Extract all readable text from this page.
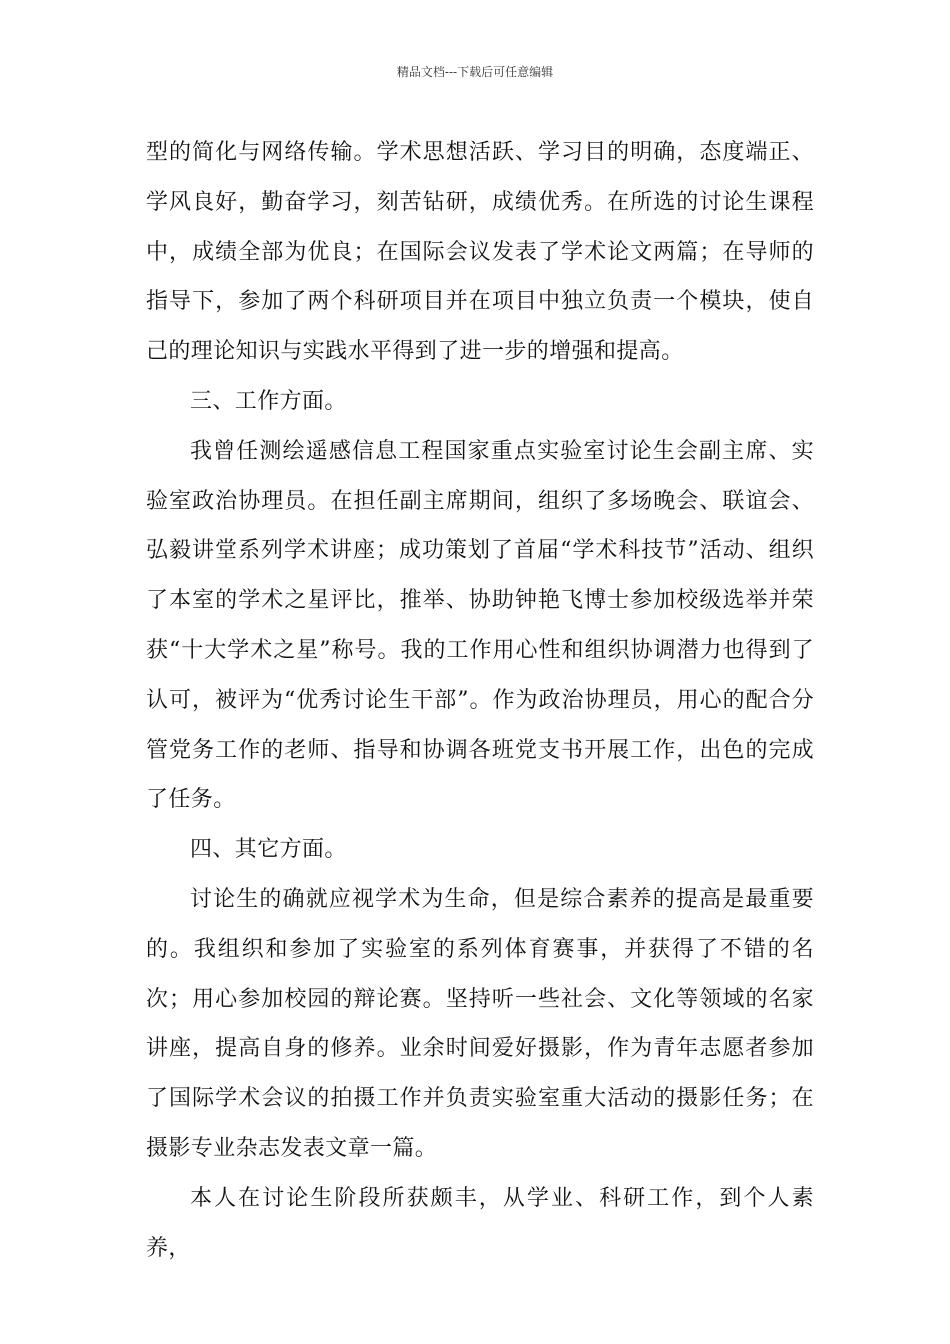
精品文档---下载后可任意编辑

型的简化与网络传输。学术思想活跃、学习目的明确，态度端正、学风良好，勤奋学习，刻苦钻研，成绩优秀。在所选的讨论生课程中，成绩全部为优良；在国际会议发表了学术论文两篇；在导师的指导下，参加了两个科研项目并在项目中独立负责一个模块，使自己的理论知识与实践水平得到了进一步的增强和提高。

三、工作方面。

我曾任测绘遥感信息工程国家重点实验室讨论生会副主席、实验室政治协理员。在担任副主席期间，组织了多场晚会、联谊会、弘毅讲堂系列学术讲座；成功策划了首届“学术科技节”活动、组织了本室的学术之星评比，推举、协助钟艳飞博士参加校级选举并荣获“十大学术之星”称号。我的工作用心性和组织协调潜力也得到了认可，被评为“优秀讨论生干部”。作为政治协理员，用心的配合分管党务工作的老师、指导和协调各班党支书开展工作，出色的完成了任务。

四、其它方面。

讨论生的确就应视学术为生命，但是综合素养的提高是最重要的。我组织和参加了实验室的系列体育赛事，并获得了不错的名次；用心参加校园的辩论赛。坚持听一些社会、文化等领域的名家讲座，提高自身的修养。业余时间爱好摄影，作为青年志愿者参加了国际学术会议的拍摄工作并负责实验室重大活动的摄影任务；在摄影专业杂志发表文章一篇。

本人在讨论生阶段所获颇丰，从学业、科研工作，到个人素养，
